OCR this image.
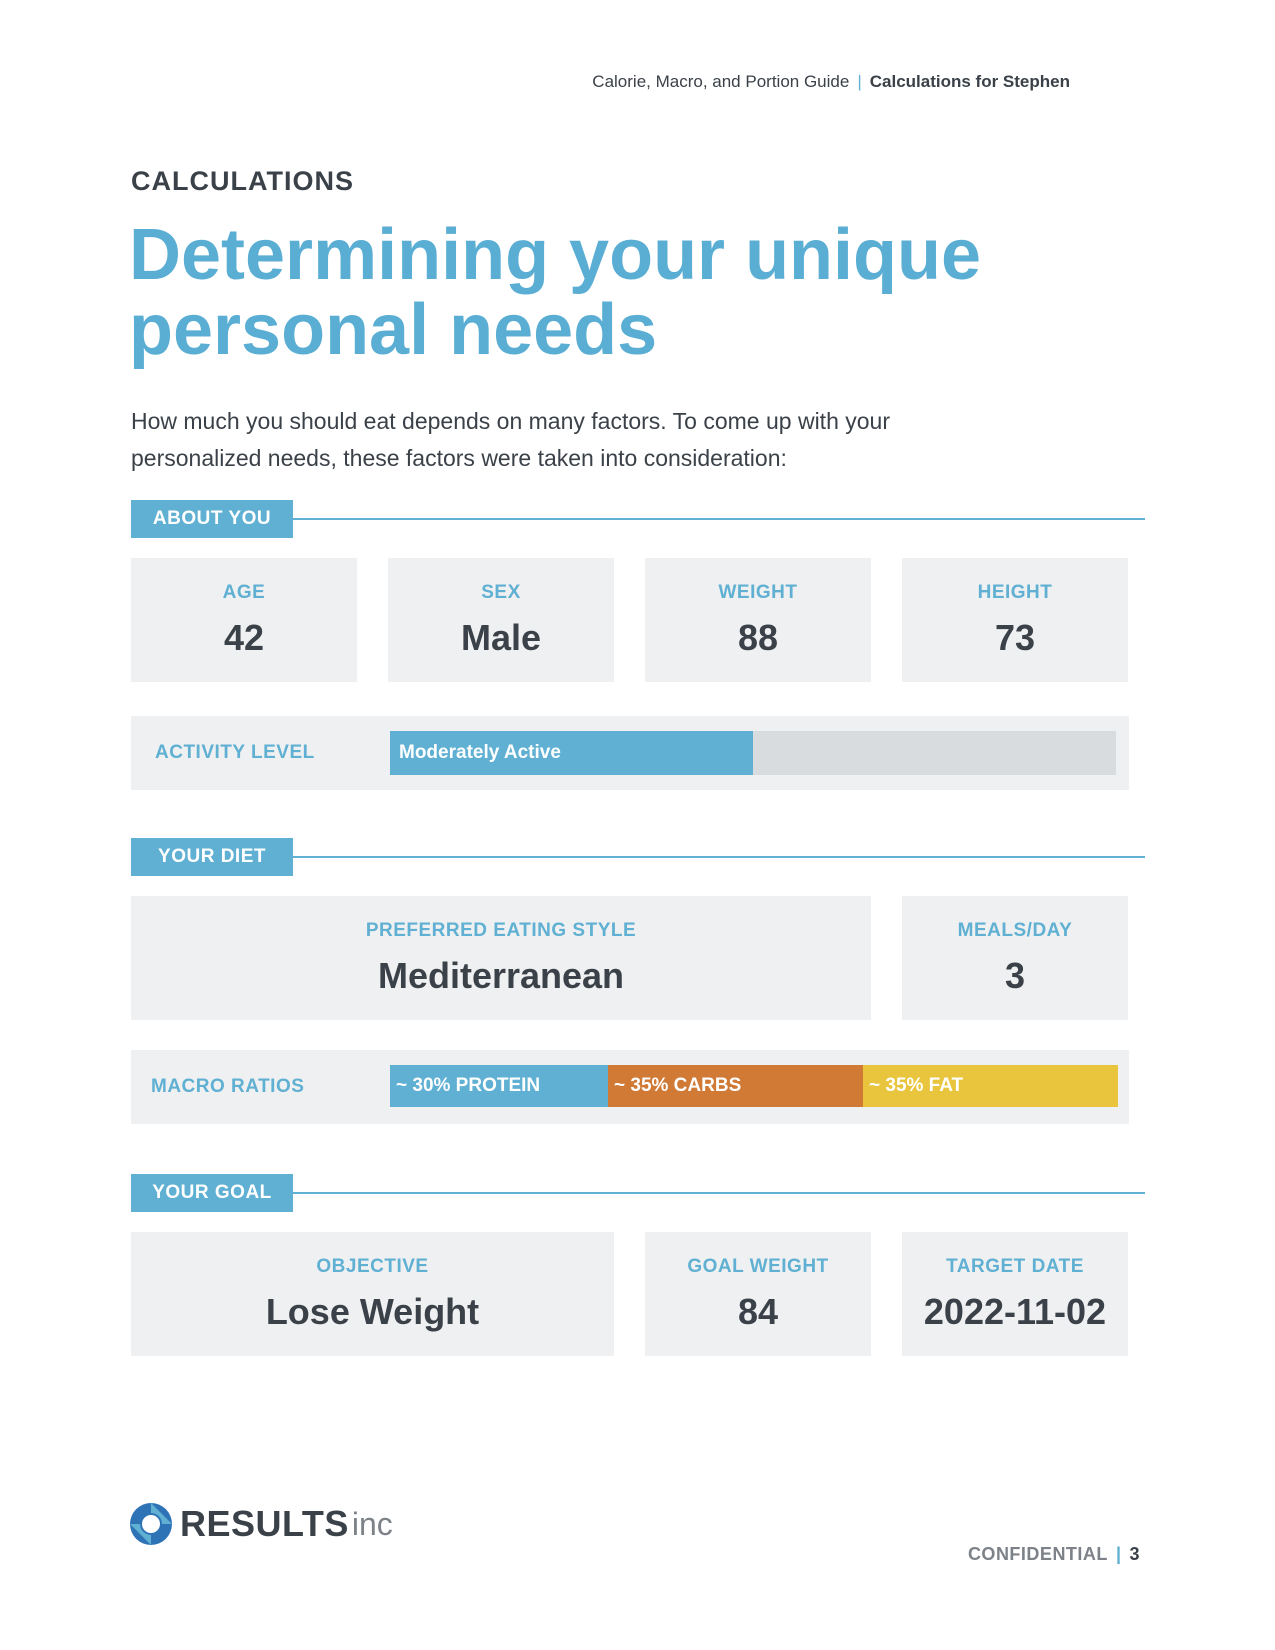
Calorie, Macro, and Portion Guide | Calculations for Stephen
CALCULATIONS
Determining your unique personal needs
How much you should eat depends on many factors. To come up with your personalized needs, these factors were taken into consideration:
ABOUT YOU
AGE
42
SEX
Male
WEIGHT
88
HEIGHT
73
ACTIVITY LEVEL	Moderately Active
YOUR DIET
PREFERRED EATING STYLE
Mediterranean
MEALS/DAY
3
MACRO RATIOS	~ 30% PROTEIN	~ 35% CARBS	~ 35% FAT
YOUR GOAL
OBJECTIVE
Lose Weight
GOAL WEIGHT
84
TARGET DATE
2022-11-02
RESULTS inc
CONFIDENTIAL | 3
